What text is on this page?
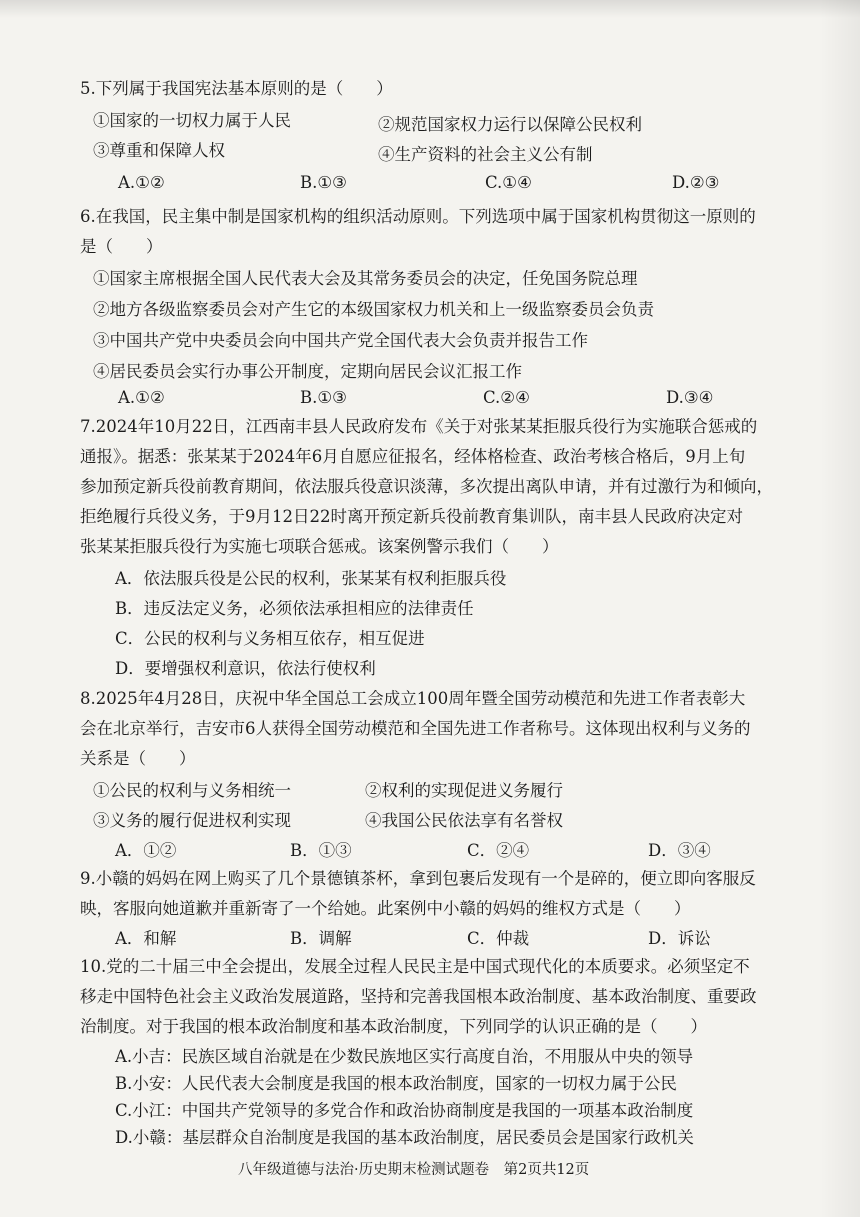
5.下列属于我国宪法基本原则的是（　　）
①国家的一切权力属于人民	②规范国家权力运行以保障公民权利
③尊重和保障人权	④生产资料的社会主义公有制
A.①②	B.①③	C.①④	D.②③
6.在我国，民主集中制是国家机构的组织活动原则。下列选项中属于国家机构贯彻这一原则的
是（　　）
①国家主席根据全国人民代表大会及其常务委员会的决定，任免国务院总理
②地方各级监察委员会对产生它的本级国家权力机关和上一级监察委员会负责
③中国共产党中央委员会向中国共产党全国代表大会负责并报告工作
④居民委员会实行办事公开制度，定期向居民会议汇报工作
A.①②	B.①③	C.②④	D.③④
7.2024年10月22日，江西南丰县人民政府发布《关于对张某某拒服兵役行为实施联合惩戒的
通报》。据悉：张某某于2024年6月自愿应征报名，经体格检查、政治考核合格后，9月上旬
参加预定新兵役前教育期间，依法服兵役意识淡薄，多次提出离队申请，并有过激行为和倾向，
拒绝履行兵役义务，于9月12日22时离开预定新兵役前教育集训队，南丰县人民政府决定对
张某某拒服兵役行为实施七项联合惩戒。该案例警示我们（　　）
A．依法服兵役是公民的权利，张某某有权利拒服兵役
B．违反法定义务，必须依法承担相应的法律责任
C．公民的权利与义务相互依存，相互促进
D．要增强权利意识，依法行使权利
8.2025年4月28日，庆祝中华全国总工会成立100周年暨全国劳动模范和先进工作者表彰大
会在北京举行，吉安市6人获得全国劳动模范和全国先进工作者称号。这体现出权利与义务的
关系是（　　）
①公民的权利与义务相统一	②权利的实现促进义务履行
③义务的履行促进权利实现	④我国公民依法享有名誉权
A．①②	B．①③	C．②④	D．③④
9.小赣的妈妈在网上购买了几个景德镇茶杯，拿到包裹后发现有一个是碎的，便立即向客服反
映，客服向她道歉并重新寄了一个给她。此案例中小赣的妈妈的维权方式是（　　）
A．和解	B．调解	C．仲裁	D．诉讼
10.党的二十届三中全会提出，发展全过程人民民主是中国式现代化的本质要求。必须坚定不
移走中国特色社会主义政治发展道路，坚持和完善我国根本政治制度、基本政治制度、重要政
治制度。对于我国的根本政治制度和基本政治制度，下列同学的认识正确的是（　　）
A.小吉：民族区域自治就是在少数民族地区实行高度自治，不用服从中央的领导
B.小安：人民代表大会制度是我国的根本政治制度，国家的一切权力属于公民
C.小江：中国共产党领导的多党合作和政治协商制度是我国的一项基本政治制度
D.小赣：基层群众自治制度是我国的基本政治制度，居民委员会是国家行政机关
八年级道德与法治·历史期末检测试题卷　第2页共12页
